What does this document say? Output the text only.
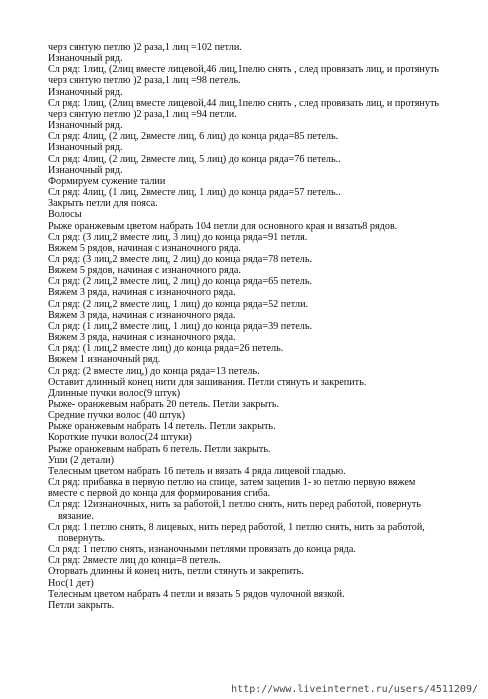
черз сянтую петлю )2 раза,1 лиц =102 петли.
Изнаночный ряд.
Сл ряд: 1лиц, (2лиц вместе лицевой,46 лиц,1пелю снять , след провязать лиц, и протянуть
черз сянтую петлю )2 раза,1 лиц =98 петель.
Изнаночный ряд.
Сл ряд: 1лиц, (2лиц вместе лицевой,44 лиц,1пелю снять , след провязать лиц, и протянуть
черз сянтую петлю )2 раза,1 лиц =94 петли.
Изнаночный ряд.
Сл ряд: 4лиц, (2 лиц, 2вместе лиц, 6 лиц) до конца ряда=85 петель.
Изнаночный ряд.
Сл ряд: 4лиц, (2 лиц, 2вместе лиц, 5 лиц) до конца ряда=76 петель..
Изнаночный ряд.
Формируем сужение талии
Сл ряд: 4лиц, (1 лиц, 2вместе лиц, 1 лиц) до конца ряда=57 петель..
Закрыть петли для пояса.
Волосы
Рыже оранжевым цветом набрать 104 петли для основного края и вязать8 рядов.
Сл ряд: (3 лиц,2 вместе лиц, 3 лиц) до конца ряда=91 петля.
Вяжем 5 рядов, начиная с изнаночного ряда.
Сл ряд: (3 лиц,2 вместе лиц, 2 лиц) до конца ряда=78 петель.
Вяжем 5 рядов, начиная с изнаночного ряда.
Сл ряд: (2 лиц,2 вместе лиц, 2 лиц) до конца ряда=65 петель.
Вяжем 3 ряда, начиная с изнаночного ряда.
Сл ряд: (2 лиц,2 вместе лиц, 1 лиц) до конца ряда=52 петли.
Вяжем 3 ряда, начиная с изнаночного ряда.
Сл ряд: (1 лиц,2 вместе лиц, 1 лиц) до конца ряда=39 петель.
Вяжем 3 ряда, начиная с изнаночного ряда.
Сл ряд: (1 лиц,2 вместе лиц) до конца ряда=26 петель.
Вяжем 1 изнаночный ряд.
Сл ряд: (2 вместе лиц,) до конца ряда=13 петель.
Оставит длинный конец нити для зашивания. Петли стянуть и закрепить.
Длинные пучки волос(9 штук)
Рыже- оранжевым набрать 20 петель. Петли закрыть.
Средние пучки волос (40 штук)
Рыже оранжевым набрать 14 петель. Петли закрыть.
Короткие пучки волос(24 штуки)
Рыже оранжевым набрать 6 петель. Петли закрыть.
Уши (2 детали)
Телесным цветом набрать 16 петель и вязать 4 ряда лицевой гладью.
Сл ряд: прибавка в первую петлю на спице, затем зацепив 1- ю петлю первую вяжем
вместе с первой до конца для формирования сгиба.
Сл ряд: 12изнаночных, нить за работой,1 петлю снять, нить перед работой, повернуть
вязание.
Сл ряд: 1 петлю снять, 8 лицевых, нить перед работой, 1 петлю снять, нить за работой,
повернуть.
Сл ряд: 1 петлю снять, изнаночными петлями провязать до конца ряда.
Сл ряд: 2вместе лиц до конца=8 петель.
Оторвать длинны й конец нить, петли стянуть и закрепить.
Нос(1 дет)
Телесным цветом набрать 4 петли и вязать 5 рядов чулочной вязкой.
Петли закрыть.
http://www.liveinternet.ru/users/4511209/
